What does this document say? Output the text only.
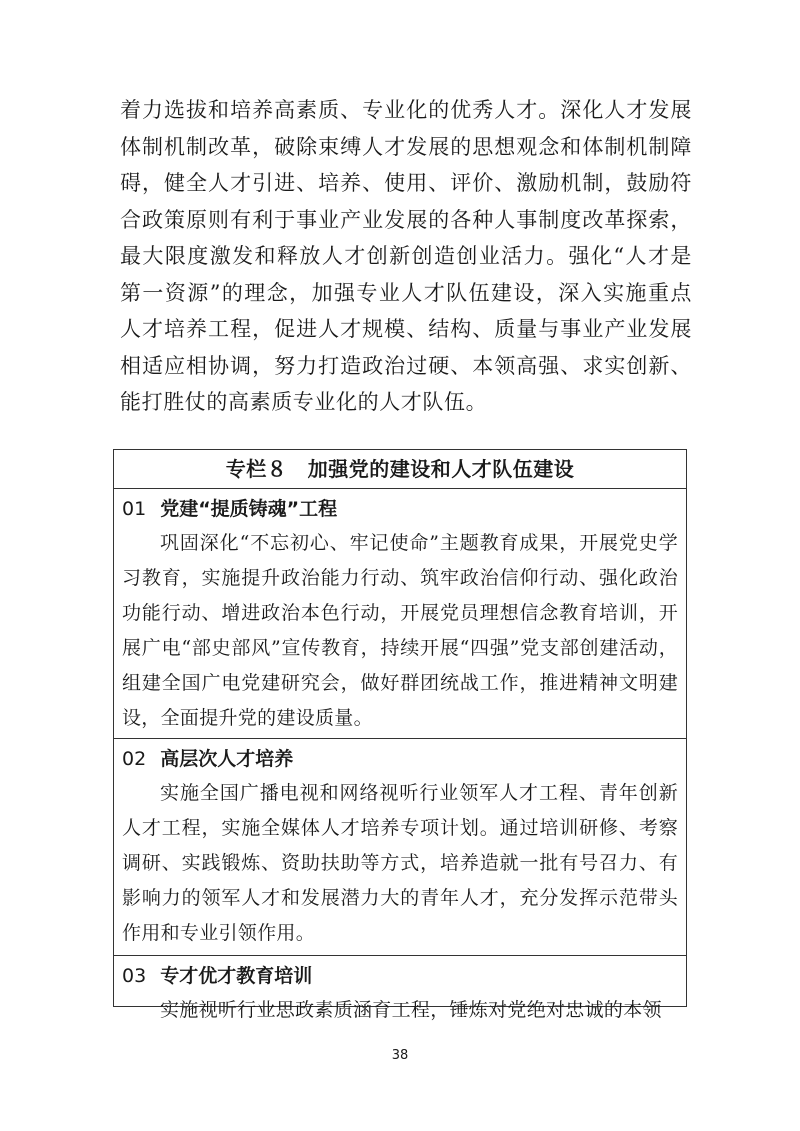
着力选拔和培养高素质、专业化的优秀人才。深化人才发展体制机制改革，破除束缚人才发展的思想观念和体制机制障碍，健全人才引进、培养、使用、评价、激励机制，鼓励符合政策原则有利于事业产业发展的各种人事制度改革探索，最大限度激发和释放人才创新创造创业活力。强化“人才是第一资源”的理念，加强专业人才队伍建设，深入实施重点人才培养工程，促进人才规模、结构、质量与事业产业发展相适应相协调，努力打造政治过硬、本领高强、求实创新、能打胜仗的高素质专业化的人才队伍。

专栏８　加强党的建设和人才队伍建设
01 党建“提质铸魂”工程

巩固深化“不忘初心、牢记使命”主题教育成果，开展党史学习教育，实施提升政治能力行动、筑牢政治信仰行动、强化政治功能行动、增进政治本色行动，开展党员理想信念教育培训，开展广电“部史部风”宣传教育，持续开展“四强”党支部创建活动，组建全国广电党建研究会，做好群团统战工作，推进精神文明建设，全面提升党的建设质量。

02 高层次人才培养

实施全国广播电视和网络视听行业领军人才工程、青年创新人才工程，实施全媒体人才培养专项计划。通过培训研修、考察调研、实践锻炼、资助扶助等方式，培养造就一批有号召力、有影响力的领军人才和发展潜力大的青年人才，充分发挥示范带头作用和专业引领作用。

03 专才优才教育培训

实施视听行业思政素质涵育工程，锤炼对党绝对忠诚的本领

38
